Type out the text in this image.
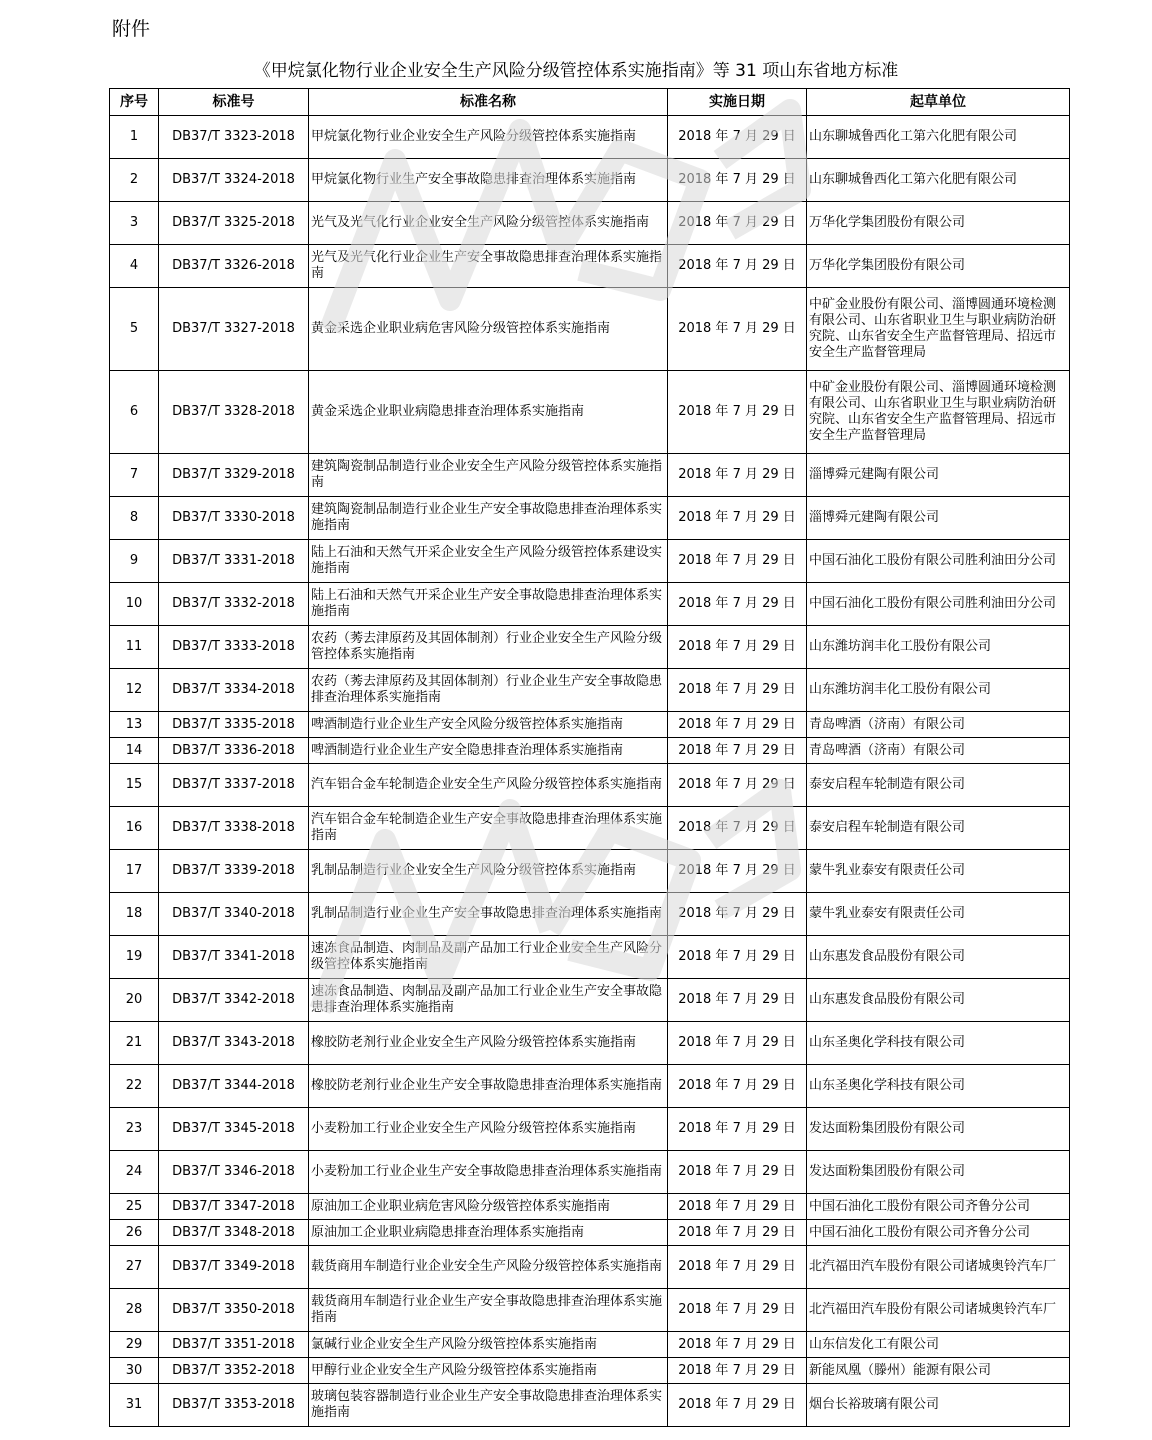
附件
《甲烷氯化物行业企业安全生产风险分级管控体系实施指南》等 31 项山东省地方标准
序号	标准号	标准名称	实施日期	起草单位
1	DB37/T 3323-2018	甲烷氯化物行业企业安全生产风险分级管控体系实施指南	2018 年 7 月 29 日	山东聊城鲁西化工第六化肥有限公司
2	DB37/T 3324-2018	甲烷氯化物行业生产安全事故隐患排查治理体系实施指南	2018 年 7 月 29 日	山东聊城鲁西化工第六化肥有限公司
3	DB37/T 3325-2018	光气及光气化行业企业安全生产风险分级管控体系实施指南	2018 年 7 月 29 日	万华化学集团股份有限公司
4	DB37/T 3326-2018	光气及光气化行业企业生产安全事故隐患排查治理体系实施指南	2018 年 7 月 29 日	万华化学集团股份有限公司
5	DB37/T 3327-2018	黄金采选企业职业病危害风险分级管控体系实施指南	2018 年 7 月 29 日	中矿金业股份有限公司、淄博圆通环境检测有限公司、山东省职业卫生与职业病防治研究院、山东省安全生产监督管理局、招远市安全生产监督管理局
6	DB37/T 3328-2018	黄金采选企业职业病隐患排查治理体系实施指南	2018 年 7 月 29 日	中矿金业股份有限公司、淄博圆通环境检测有限公司、山东省职业卫生与职业病防治研究院、山东省安全生产监督管理局、招远市安全生产监督管理局
7	DB37/T 3329-2018	建筑陶瓷制品制造行业企业安全生产风险分级管控体系实施指南	2018 年 7 月 29 日	淄博舜元建陶有限公司
8	DB37/T 3330-2018	建筑陶瓷制品制造行业企业生产安全事故隐患排查治理体系实施指南	2018 年 7 月 29 日	淄博舜元建陶有限公司
9	DB37/T 3331-2018	陆上石油和天然气开采企业安全生产风险分级管控体系建设实施指南	2018 年 7 月 29 日	中国石油化工股份有限公司胜利油田分公司
10	DB37/T 3332-2018	陆上石油和天然气开采企业生产安全事故隐患排查治理体系实施指南	2018 年 7 月 29 日	中国石油化工股份有限公司胜利油田分公司
11	DB37/T 3333-2018	农药（莠去津原药及其固体制剂）行业企业安全生产风险分级管控体系实施指南	2018 年 7 月 29 日	山东潍坊润丰化工股份有限公司
12	DB37/T 3334-2018	农药（莠去津原药及其固体制剂）行业企业生产安全事故隐患排查治理体系实施指南	2018 年 7 月 29 日	山东潍坊润丰化工股份有限公司
13	DB37/T 3335-2018	啤酒制造行业企业生产安全风险分级管控体系实施指南	2018 年 7 月 29 日	青岛啤酒（济南）有限公司
14	DB37/T 3336-2018	啤酒制造行业企业生产安全隐患排查治理体系实施指南	2018 年 7 月 29 日	青岛啤酒（济南）有限公司
15	DB37/T 3337-2018	汽车铝合金车轮制造企业安全生产风险分级管控体系实施指南	2018 年 7 月 29 日	泰安启程车轮制造有限公司
16	DB37/T 3338-2018	汽车铝合金车轮制造企业生产安全事故隐患排查治理体系实施指南	2018 年 7 月 29 日	泰安启程车轮制造有限公司
17	DB37/T 3339-2018	乳制品制造行业企业安全生产风险分级管控体系实施指南	2018 年 7 月 29 日	蒙牛乳业泰安有限责任公司
18	DB37/T 3340-2018	乳制品制造行业企业生产安全事故隐患排查治理体系实施指南	2018 年 7 月 29 日	蒙牛乳业泰安有限责任公司
19	DB37/T 3341-2018	速冻食品制造、肉制品及副产品加工行业企业安全生产风险分级管控体系实施指南	2018 年 7 月 29 日	山东惠发食品股份有限公司
20	DB37/T 3342-2018	速冻食品制造、肉制品及副产品加工行业企业生产安全事故隐患排查治理体系实施指南	2018 年 7 月 29 日	山东惠发食品股份有限公司
21	DB37/T 3343-2018	橡胶防老剂行业企业安全生产风险分级管控体系实施指南	2018 年 7 月 29 日	山东圣奥化学科技有限公司
22	DB37/T 3344-2018	橡胶防老剂行业企业生产安全事故隐患排查治理体系实施指南	2018 年 7 月 29 日	山东圣奥化学科技有限公司
23	DB37/T 3345-2018	小麦粉加工行业企业安全生产风险分级管控体系实施指南	2018 年 7 月 29 日	发达面粉集团股份有限公司
24	DB37/T 3346-2018	小麦粉加工行业企业生产安全事故隐患排查治理体系实施指南	2018 年 7 月 29 日	发达面粉集团股份有限公司
25	DB37/T 3347-2018	原油加工企业职业病危害风险分级管控体系实施指南	2018 年 7 月 29 日	中国石油化工股份有限公司齐鲁分公司
26	DB37/T 3348-2018	原油加工企业职业病隐患排查治理体系实施指南	2018 年 7 月 29 日	中国石油化工股份有限公司齐鲁分公司
27	DB37/T 3349-2018	载货商用车制造行业企业安全生产风险分级管控体系实施指南	2018 年 7 月 29 日	北汽福田汽车股份有限公司诸城奥铃汽车厂
28	DB37/T 3350-2018	载货商用车制造行业企业生产安全事故隐患排查治理体系实施指南	2018 年 7 月 29 日	北汽福田汽车股份有限公司诸城奥铃汽车厂
29	DB37/T 3351-2018	氯碱行业企业安全生产风险分级管控体系实施指南	2018 年 7 月 29 日	山东信发化工有限公司
30	DB37/T 3352-2018	甲醇行业企业安全生产风险分级管控体系实施指南	2018 年 7 月 29 日	新能凤凰（滕州）能源有限公司
31	DB37/T 3353-2018	玻璃包装容器制造行业企业生产安全事故隐患排查治理体系实施指南	2018 年 7 月 29 日	烟台长裕玻璃有限公司
